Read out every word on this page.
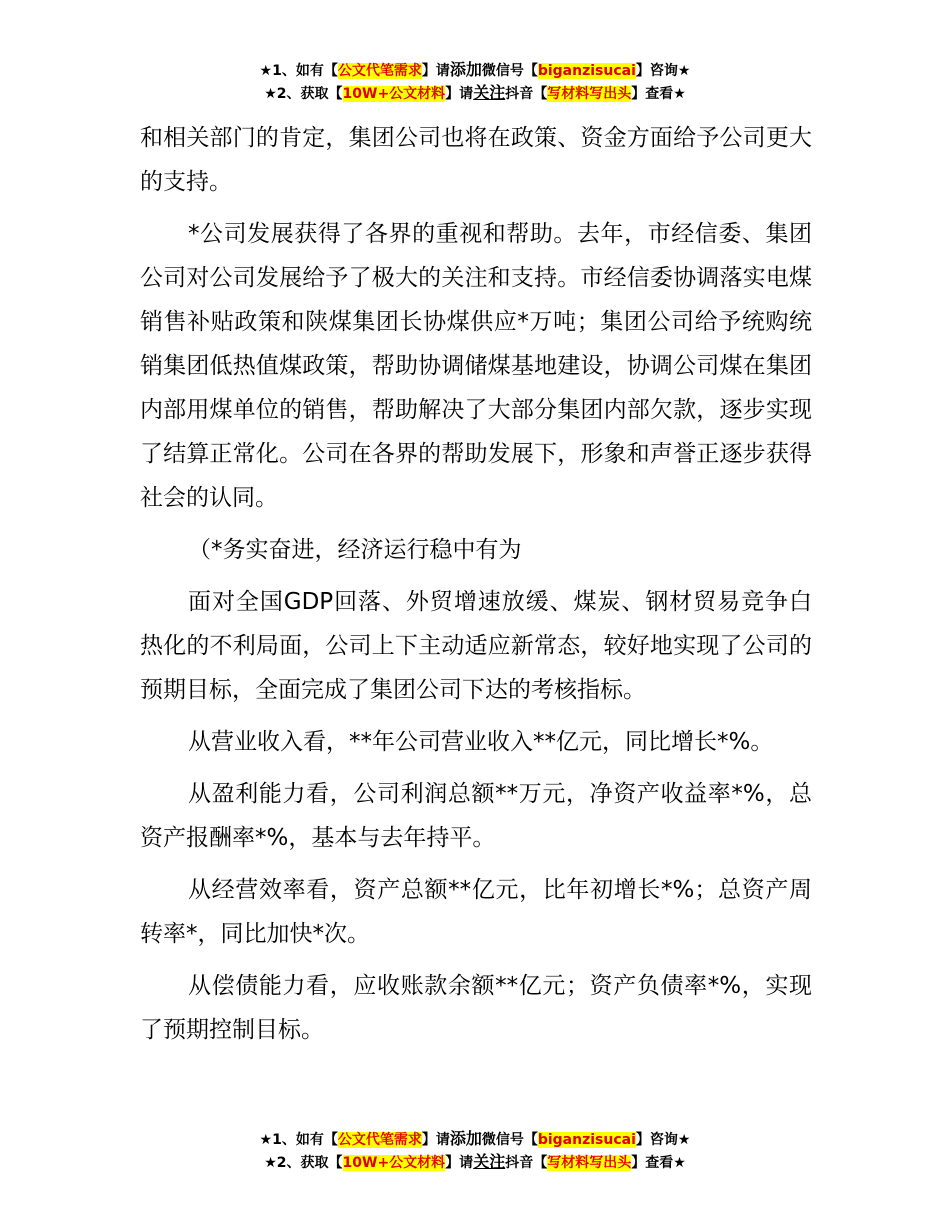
★1、如有【公文代笔需求】请添加微信号【biganzisucai】咨询★
★2、获取【10W+公文材料】请关注抖音【写材料写出头】查看★

和相关部门的肯定，集团公司也将在政策、资金方面给予公司更大的支持。

*公司发展获得了各界的重视和帮助。去年，市经信委、集团公司对公司发展给予了极大的关注和支持。市经信委协调落实电煤销售补贴政策和陕煤集团长协煤供应*万吨；集团公司给予统购统销集团低热值煤政策，帮助协调储煤基地建设，协调公司煤在集团内部用煤单位的销售，帮助解决了大部分集团内部欠款，逐步实现了结算正常化。公司在各界的帮助发展下，形象和声誉正逐步获得社会的认同。

（*务实奋进，经济运行稳中有为

面对全国GDP回落、外贸增速放缓、煤炭、钢材贸易竞争白热化的不利局面，公司上下主动适应新常态，较好地实现了公司的预期目标，全面完成了集团公司下达的考核指标。

从营业收入看，**年公司营业收入**亿元，同比增长*%。

从盈利能力看，公司利润总额**万元，净资产收益率*%，总资产报酬率*%，基本与去年持平。

从经营效率看，资产总额**亿元，比年初增长*%；总资产周转率*，同比加快*次。

从偿债能力看，应收账款余额**亿元；资产负债率*%，实现了预期控制目标。

★1、如有【公文代笔需求】请添加微信号【biganzisucai】咨询★
★2、获取【10W+公文材料】请关注抖音【写材料写出头】查看★
